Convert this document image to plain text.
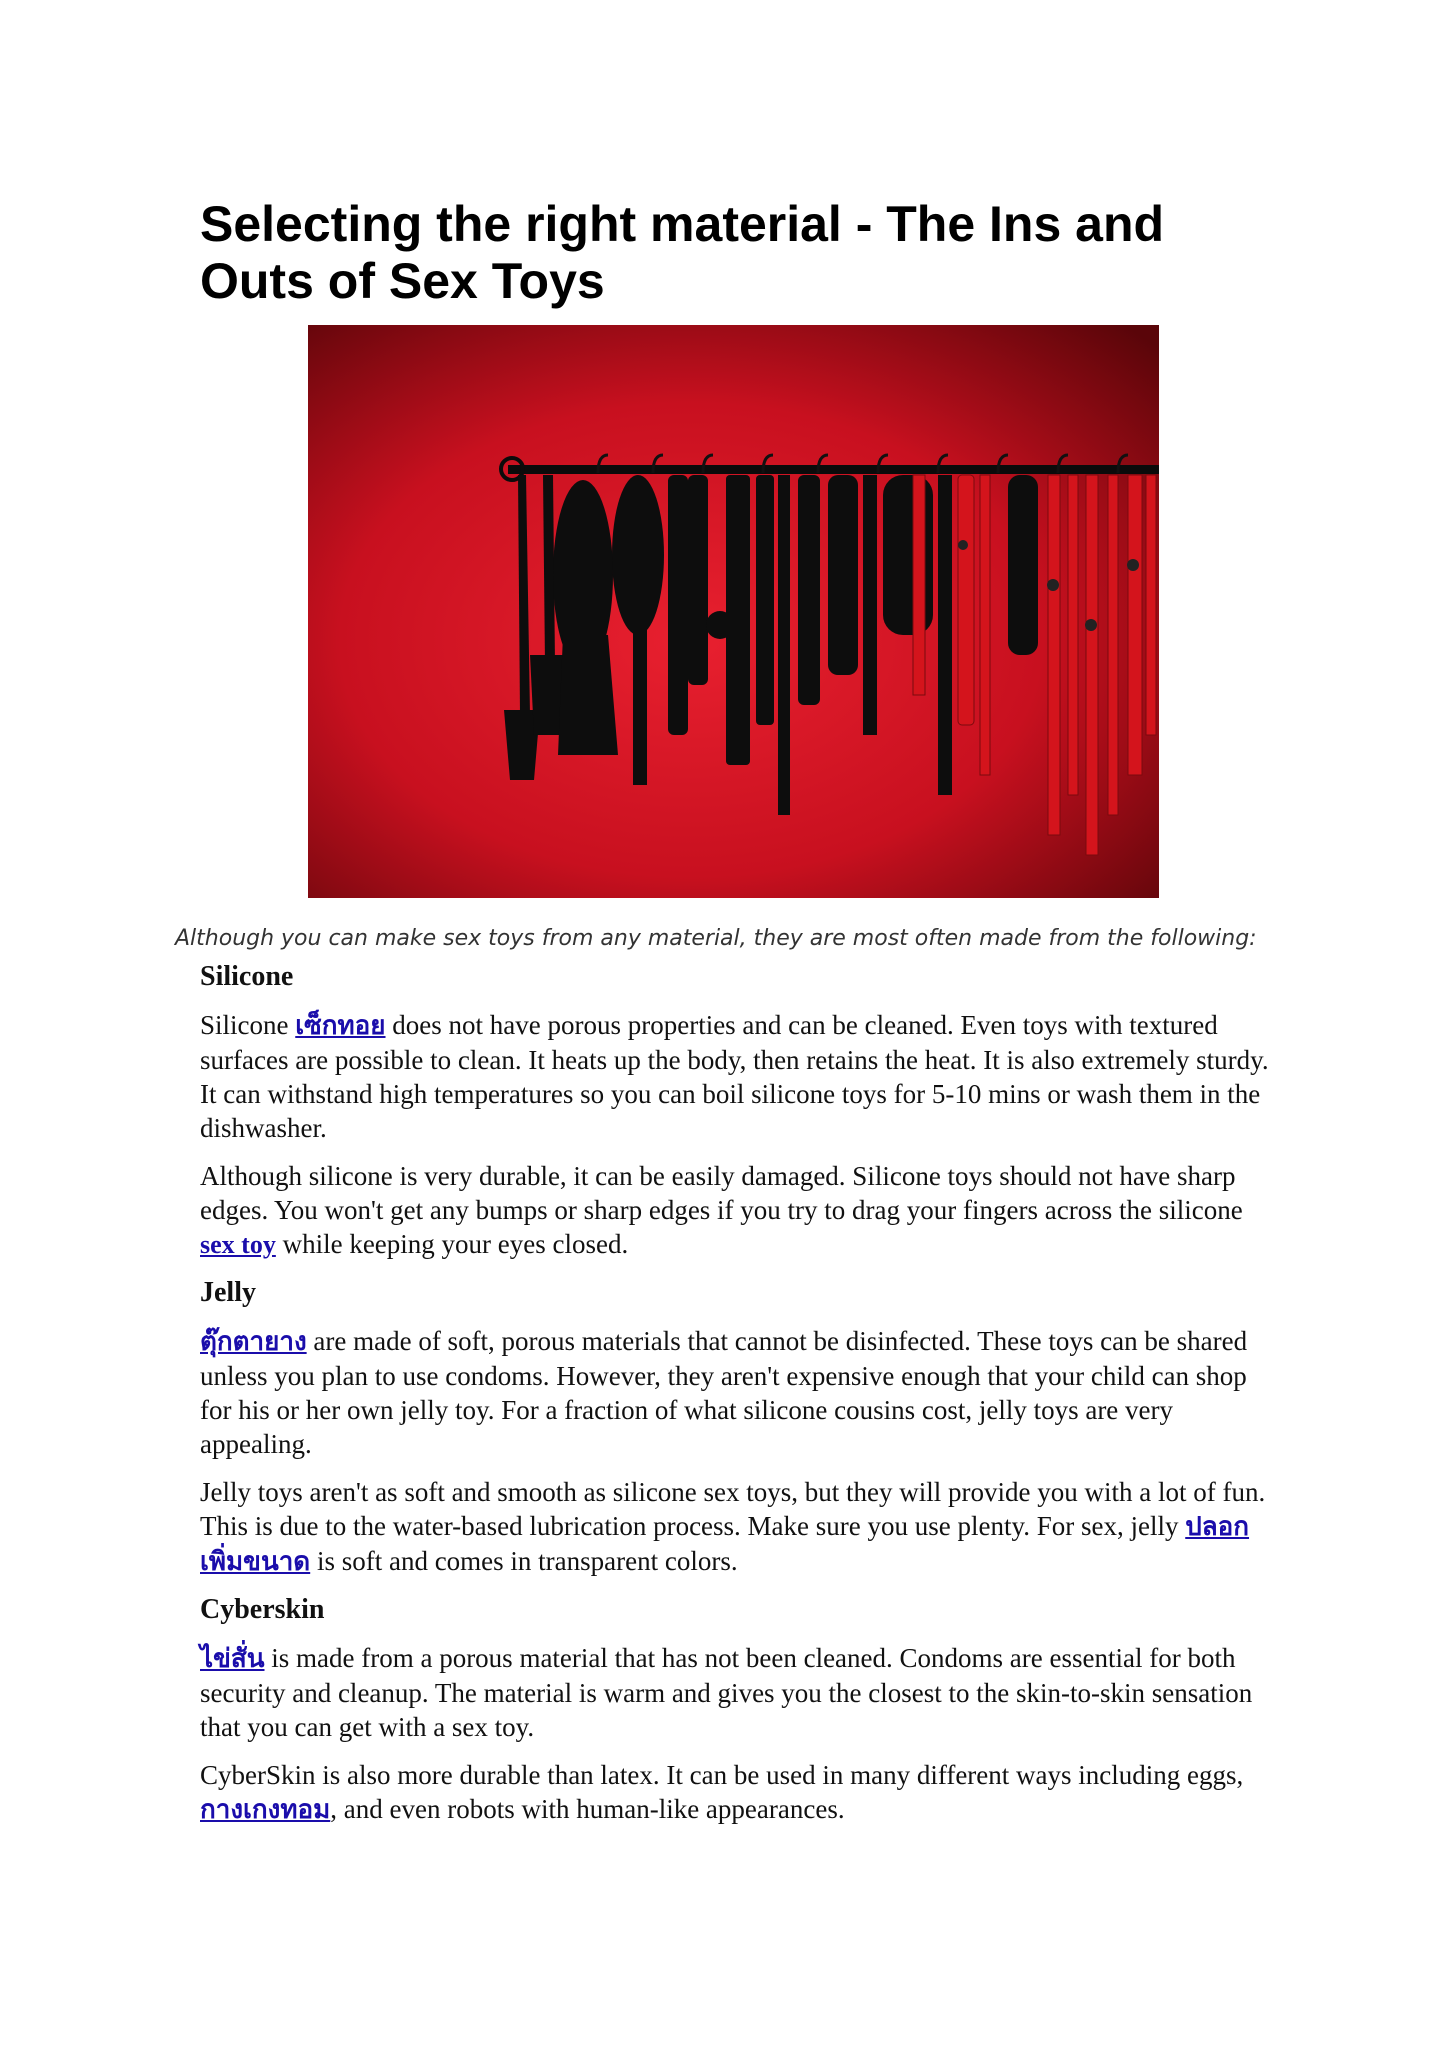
Selecting the right material - The Ins and Outs of Sex Toys

Although you can make sex toys from any material, they are most often made from the following:

Silicone

Silicone เซ็กทอย does not have porous properties and can be cleaned. Even toys with textured surfaces are possible to clean. It heats up the body, then retains the heat. It is also extremely sturdy. It can withstand high temperatures so you can boil silicone toys for 5-10 mins or wash them in the dishwasher.

Although silicone is very durable, it can be easily damaged. Silicone toys should not have sharp edges. You won't get any bumps or sharp edges if you try to drag your fingers across the silicone sex toy while keeping your eyes closed.

Jelly

ตุ๊กตายาง are made of soft, porous materials that cannot be disinfected. These toys can be shared unless you plan to use condoms. However, they aren't expensive enough that your child can shop for his or her own jelly toy. For a fraction of what silicone cousins cost, jelly toys are very appealing.

Jelly toys aren't as soft and smooth as silicone sex toys, but they will provide you with a lot of fun. This is due to the water-based lubrication process. Make sure you use plenty. For sex, jelly ปลอกเพิ่มขนาด is soft and comes in transparent colors.

Cyberskin

ไข่สั่น is made from a porous material that has not been cleaned. Condoms are essential for both security and cleanup. The material is warm and gives you the closest to the skin-to-skin sensation that you can get with a sex toy.

CyberSkin is also more durable than latex. It can be used in many different ways including eggs, กางเกงทอม, and even robots with human-like appearances.
